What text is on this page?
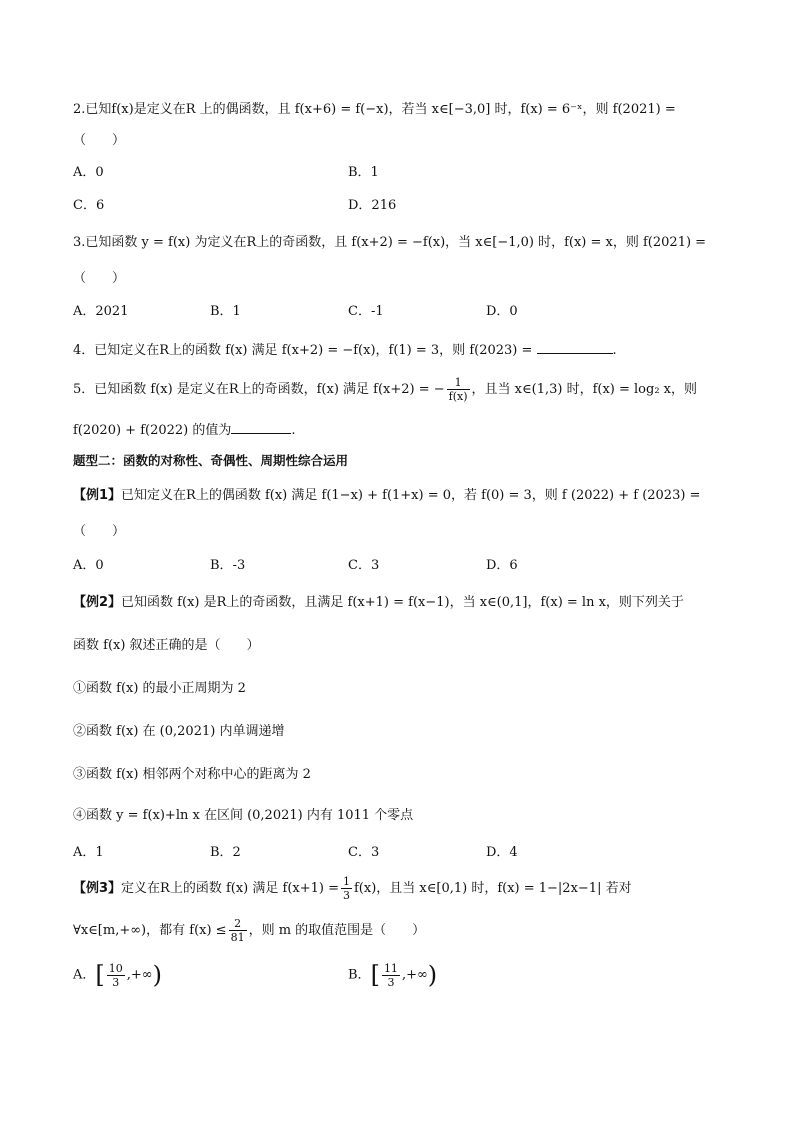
2.已知f(x)是定义在R 上的偶函数，且 f(x+6) = f(−x)，若当 x∈[−3,0] 时，f(x) = 6⁻ˣ，则 f(2021) =
（　　）
A．0	B．1
C．6	D．216
3.已知函数 y = f(x) 为定义在R上的奇函数，且 f(x+2) = −f(x)，当 x∈[−1,0) 时，f(x) = x，则 f(2021) =
（　　）
A．2021	B．1	C．-1	D．0
4．已知定义在R上的函数 f(x) 满足 f(x+2) = −f(x)，f(1) = 3，则 f(2023) =	.
5．已知函数 f(x) 是定义在R上的奇函数，f(x) 满足 f(x+2) = − $\frac{1}{f(x)}$ ，且当 x∈(1,3) 时，f(x) = log₂ x，则
f(2020) + f(2022) 的值为	.
题型二：函数的对称性、奇偶性、周期性综合运用
【例1】已知定义在R上的偶函数 f(x) 满足 f(1−x) + f(1+x) = 0，若 f(0) = 3，则 f (2022) + f (2023) =
（　　）
A．0	B．-3	C．3	D．6
【例2】已知函数 f(x) 是R上的奇函数，且满足 f(x+1) = f(x−1)，当 x∈(0,1]，f(x) = ln x，则下列关于
函数 f(x) 叙述正确的是（　　）
①函数 f(x) 的最小正周期为 2
②函数 f(x) 在 (0,2021) 内单调递增
③函数 f(x) 相邻两个对称中心的距离为 2
④函数 y = f(x)+ln x 在区间 (0,2021) 内有 1011 个零点
A．1	B．2	C．3	D．4
【例3】定义在R上的函数 f(x) 满足 $f(x+1) = \frac{1}{3} f(x)$，且当 x∈[0,1) 时，f(x) = 1−|2x−1| 若对
∀x∈[m,+∞)，都有 $f(x) \le \frac{2}{81}$ ，则 m 的取值范围是（　　）
A．[ $\frac{10}{3}$ ,+∞)	B．[ $\frac{11}{3}$ ,+∞)
